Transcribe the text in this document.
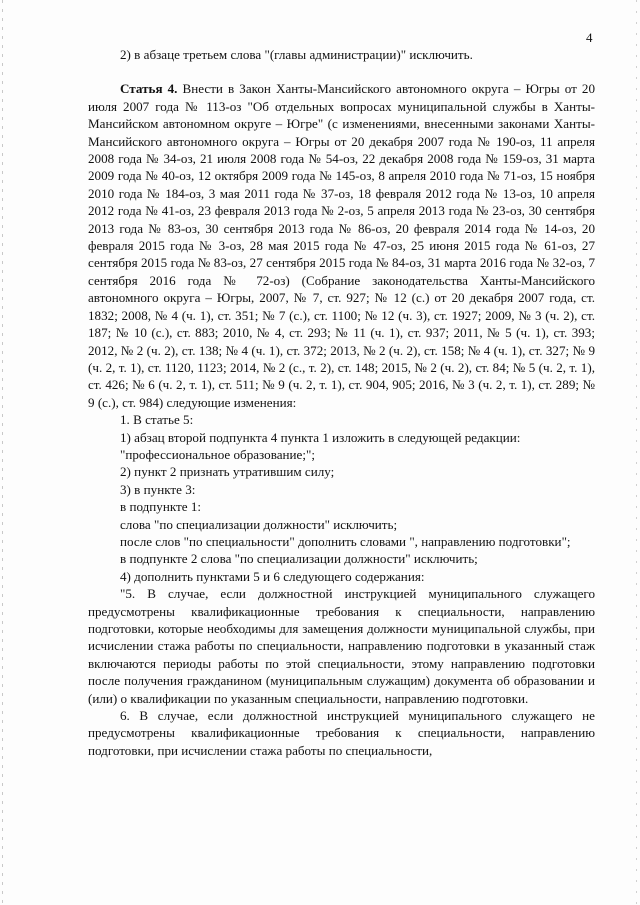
4

2) в абзаце третьем слова "(главы администрации)" исключить.

Статья 4. Внести в Закон Ханты-Мансийского автономного округа – Югры от 20 июля 2007 года № 113-оз "Об отдельных вопросах муниципальной службы в Ханты-Мансийском автономном округе – Югре" (с изменениями, внесенными законами Ханты-Мансийского автономного округа – Югры от 20 декабря 2007 года № 190-оз, 11 апреля 2008 года № 34-оз, 21 июля 2008 года № 54-оз, 22 декабря 2008 года № 159-оз, 31 марта 2009 года № 40-оз, 12 октября 2009 года № 145-оз, 8 апреля 2010 года № 71-оз, 15 ноября 2010 года № 184-оз, 3 мая 2011 года № 37-оз, 18 февраля 2012 года № 13-оз, 10 апреля 2012 года № 41-оз, 23 февраля 2013 года № 2-оз, 5 апреля 2013 года № 23-оз, 30 сентября 2013 года № 83-оз, 30 сентября 2013 года № 86-оз, 20 февраля 2014 года № 14-оз, 20 февраля 2015 года № 3-оз, 28 мая 2015 года № 47-оз, 25 июня 2015 года № 61-оз, 27 сентября 2015 года № 83-оз, 27 сентября 2015 года № 84-оз, 31 марта 2016 года № 32-оз, 7 сентября 2016 года № 72-оз) (Собрание законодательства Ханты-Мансийского автономного округа – Югры, 2007, № 7, ст. 927; № 12 (с.) от 20 декабря 2007 года, ст. 1832; 2008, № 4 (ч. 1), ст. 351; № 7 (с.), ст. 1100; № 12 (ч. 3), ст. 1927; 2009, № 3 (ч. 2), ст. 187; № 10 (с.), ст. 883; 2010, № 4, ст. 293; № 11 (ч. 1), ст. 937; 2011, № 5 (ч. 1), ст. 393; 2012, № 2 (ч. 2), ст. 138; № 4 (ч. 1), ст. 372; 2013, № 2 (ч. 2), ст. 158; № 4 (ч. 1), ст. 327; № 9 (ч. 2, т. 1), ст. 1120, 1123; 2014, № 2 (с., т. 2), ст. 148; 2015, № 2 (ч. 2), ст. 84; № 5 (ч. 2, т. 1), ст. 426; № 6 (ч. 2, т. 1), ст. 511; № 9 (ч. 2, т. 1), ст. 904, 905; 2016, № 3 (ч. 2, т. 1), ст. 289; № 9 (с.), ст. 984) следующие изменения:

1. В статье 5:

1) абзац второй подпункта 4 пункта 1 изложить в следующей редакции:

"профессиональное образование;";

2) пункт 2 признать утратившим силу;

3) в пункте 3:

в подпункте 1:

слова "по специализации должности" исключить;

после слов "по специальности" дополнить словами ", направлению подготовки";

в подпункте 2 слова "по специализации должности" исключить;

4) дополнить пунктами 5 и 6 следующего содержания:

"5. В случае, если должностной инструкцией муниципального служащего предусмотрены квалификационные требования к специальности, направлению подготовки, которые необходимы для замещения должности муниципальной службы, при исчислении стажа работы по специальности, направлению подготовки в указанный стаж включаются периоды работы по этой специальности, этому направлению подготовки после получения гражданином (муниципальным служащим) документа об образовании и (или) о квалификации по указанным специальности, направлению подготовки.

6. В случае, если должностной инструкцией муниципального служащего не предусмотрены квалификационные требования к специальности, направлению подготовки, при исчислении стажа работы по специальности,
